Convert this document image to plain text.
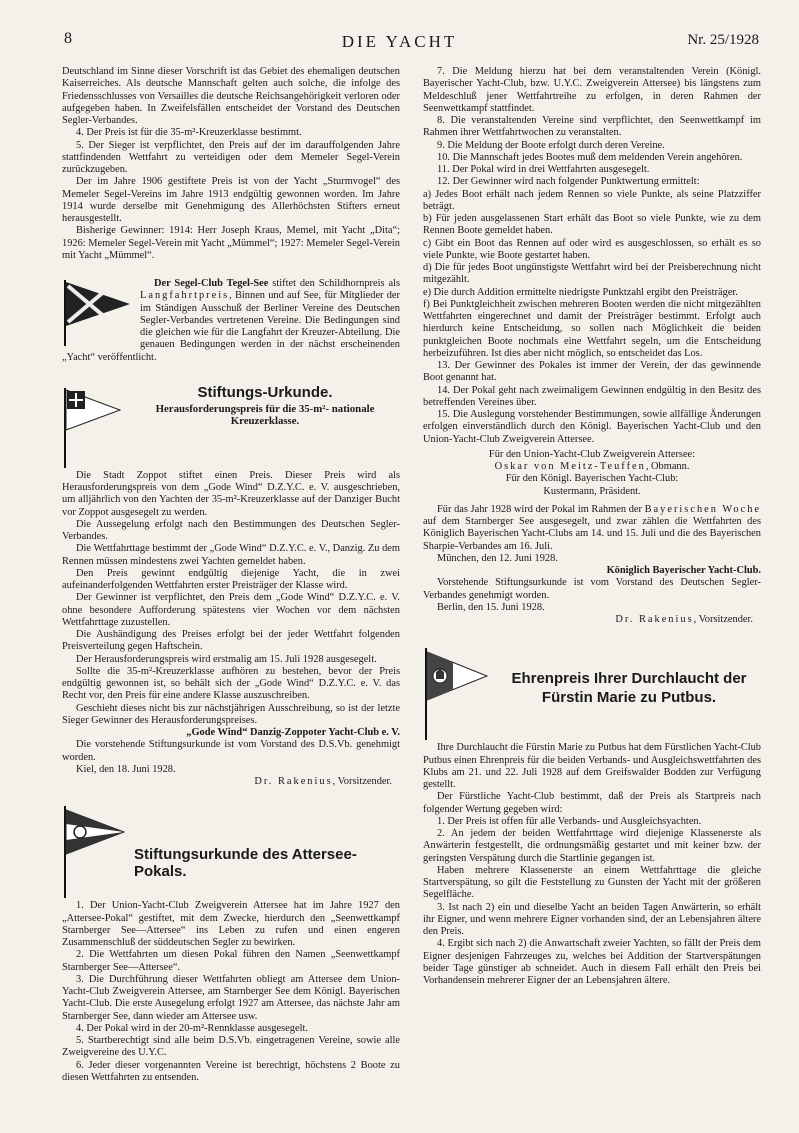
8	DIE YACHT	Nr. 25/1928

Deutschland im Sinne dieser Vorschrift ist das Gebiet des ehemaligen deutschen Kaiserreiches. Als deutsche Mannschaft gelten auch solche, die infolge des Friedensschlusses von Versailles die deutsche Reichsangehörigkeit verloren oder aufgegeben haben. In Zweifelsfällen entscheidet der Vorstand des Deutschen Segler-Verbandes.

4. Der Preis ist für die 35-m²-Kreuzerklasse bestimmt.

5. Der Sieger ist verpflichtet, den Preis auf der im darauffolgenden Jahre stattfindenden Wettfahrt zu verteidigen oder dem Memeler Segel-Verein zurückzugeben.

Der im Jahre 1906 gestiftete Preis ist von der Yacht „Sturmvogel“ des Memeler Segel-Vereins im Jahre 1913 endgültig gewonnen worden. Im Jahre 1914 wurde derselbe mit Genehmigung des Allerhöchsten Stifters erneut herausgestellt.

Bisherige Gewinner: 1914: Herr Joseph Kraus, Memel, mit Yacht „Dita“; 1926: Memeler Segel-Verein mit Yacht „Mümmel“; 1927: Memeler Segel-Verein mit Yacht „Mümmel“.

Der Segel-Club Tegel-See stiftet den Schildhornpreis als Langfahrtpreis, Binnen und auf See, für Mitglieder der im Ständigen Ausschuß der Berliner Vereine des Deutschen Segler-Verbandes vertretenen Vereine. Die Bedingungen sind die gleichen wie für die Langfahrt der Kreuzer-Abteilung. Die genauen Bedingungen werden in der nächst erscheinenden „Yacht“ veröffentlicht.

Stiftungs-Urkunde.
Herausforderungspreis für die 35-m²- nationale Kreuzerklasse.

Die Stadt Zoppot stiftet einen Preis. Dieser Preis wird als Herausforderungspreis von dem „Gode Wind“ D.Z.Y.C. e. V. ausgeschrieben, um alljährlich von den Yachten der 35-m²-Kreuzerklasse auf der Danziger Bucht vor Zoppot ausgesegelt zu werden.

Die Aussegelung erfolgt nach den Bestimmungen des Deutschen Segler-Verbandes.

Die Wettfahrttage bestimmt der „Gode Wind“ D.Z.Y.C. e. V., Danzig. Zu dem Rennen müssen mindestens zwei Yachten gemeldet haben.

Den Preis gewinnt endgültig diejenige Yacht, die in zwei aufeinanderfolgenden Wettfahrten erster Preisträger der Klasse wird.

Der Gewinner ist verpflichtet, den Preis dem „Gode Wind“ D.Z.Y.C. e. V. ohne besondere Aufforderung spätestens vier Wochen vor dem nächsten Wettfahrttage zuzustellen.

Die Aushändigung des Preises erfolgt bei der jeder Wettfahrt folgenden Preisverteilung gegen Haftschein.

Der Herausforderungspreis wird erstmalig am 15. Juli 1928 ausgesegelt.

Sollte die 35-m²-Kreuzerklasse aufhören zu bestehen, bevor der Preis endgültig gewonnen ist, so behält sich der „Gode Wind“ D.Z.Y.C. e. V. das Recht vor, den Preis für eine andere Klasse auszuschreiben.

Geschieht dieses nicht bis zur nächstjährigen Ausschreibung, so ist der letzte Sieger Gewinner des Herausforderungspreises.

„Gode Wind“ Danzig-Zoppoter Yacht-Club e. V.

Die vorstehende Stiftungsurkunde ist vom Vorstand des D.S.Vb. genehmigt worden.

Kiel, den 18. Juni 1928.

Dr. Rakenius, Vorsitzender.

Stiftungsurkunde des Attersee-Pokals.

1. Der Union-Yacht-Club Zweigverein Attersee hat im Jahre 1927 den „Attersee-Pokal“ gestiftet, mit dem Zwecke, hierdurch den „Seenwettkampf Starnberger See—Attersee“ ins Leben zu rufen und einen engeren Zusammenschluß der süddeutschen Segler zu bewirken.

2. Die Wettfahrten um diesen Pokal führen den Namen „Seenwettkampf Starnberger See—Attersee“.

3. Die Durchführung dieser Wettfahrten obliegt am Attersee dem Union-Yacht-Club Zweigverein Attersee, am Starnberger See dem Königl. Bayerischen Yacht-Club. Die erste Ausegelung erfolgt 1927 am Attersee, das nächste Jahr am Starnberger See, dann wieder am Attersee usw.

4. Der Pokal wird in der 20-m²-Rennklasse ausgesegelt.

5. Startberechtigt sind alle beim D.S.Vb. eingetragenen Vereine, sowie alle Zweigvereine des U.Y.C.

6. Jeder dieser vorgenannten Vereine ist berechtigt, höchstens 2 Boote zu diesen Wettfahrten zu entsenden.

7. Die Meldung hierzu hat bei dem veranstaltenden Verein (Königl. Bayerischer Yacht-Club, bzw. U.Y.C. Zweigverein Attersee) bis längstens zum Meldeschluß jener Wettfahrtreihe zu erfolgen, in deren Rahmen der Seenwettkampf stattfindet.

8. Die veranstaltenden Vereine sind verpflichtet, den Seenwettkampf im Rahmen ihrer Wettfahrtwochen zu veranstalten.

9. Die Meldung der Boote erfolgt durch deren Vereine.

10. Die Mannschaft jedes Bootes muß dem meldenden Verein angehören.

11. Der Pokal wird in drei Wettfahrten ausgesegelt.

12. Der Gewinner wird nach folgender Punktwertung ermittelt:

a) Jedes Boot erhält nach jedem Rennen so viele Punkte, als seine Platzziffer beträgt.

b) Für jeden ausgelassenen Start erhält das Boot so viele Punkte, wie zu dem Rennen Boote gemeldet haben.

c) Gibt ein Boot das Rennen auf oder wird es ausgeschlossen, so erhält es so viele Punkte, wie Boote gestartet haben.

d) Die für jedes Boot ungünstigste Wettfahrt wird bei der Preisberechnung nicht mitgezählt.

e) Die durch Addition ermittelte niedrigste Punktzahl ergibt den Preisträger.

f) Bei Punktgleichheit zwischen mehreren Booten werden die nicht mitgezählten Wettfahrten eingerechnet und damit der Preisträger bestimmt. Erfolgt auch hierdurch keine Entscheidung, so sollen nach Möglichkeit die beiden punktgleichen Boote nochmals eine Wettfahrt segeln, um die Entscheidung herbeizuführen. Ist dies aber nicht möglich, so entscheidet das Los.

13. Der Gewinner des Pokales ist immer der Verein, der das gewinnende Boot genannt hat.

14. Der Pokal geht nach zweimaligem Gewinnen endgültig in den Besitz des betreffenden Vereines über.

15. Die Auslegung vorstehender Bestimmungen, sowie allfällige Änderungen erfolgen einverständlich durch den Königl. Bayerischen Yacht-Club und den Union-Yacht-Club Zweigverein Attersee.

Für den Union-Yacht-Club Zweigverein Attersee:

Oskar von Meitz-Teuffen, Obmann.

Für den Königl. Bayerischen Yacht-Club:

Kustermann, Präsident.

Für das Jahr 1928 wird der Pokal im Rahmen der Bayerischen Woche auf dem Starnberger See ausgesegelt, und zwar zählen die Wettfahrten des Königlich Bayerischen Yacht-Clubs am 14. und 15. Juli und die des Bayerischen Sharpie-Verbandes am 16. Juli.

München, den 12. Juni 1928.

Königlich Bayerischer Yacht-Club.

Vorstehende Stiftungsurkunde ist vom Vorstand des Deutschen Segler-Verbandes genehmigt worden.

Berlin, den 15. Juni 1928.

Dr. Rakenius, Vorsitzender.

Ehrenpreis Ihrer Durchlaucht der
Fürstin Marie zu Putbus.

Ihre Durchlaucht die Fürstin Marie zu Putbus hat dem Fürstlichen Yacht-Club Putbus einen Ehrenpreis für die beiden Verbands- und Ausgleichswettfahrten des Klubs am 21. und 22. Juli 1928 auf dem Greifswalder Bodden zur Verfügung gestellt.

Der Fürstliche Yacht-Club bestimmt, daß der Preis als Startpreis nach folgender Wertung gegeben wird:

1. Der Preis ist offen für alle Verbands- und Ausgleichsyachten.

2. An jedem der beiden Wettfahrttage wird diejenige Klassenerste als Anwärterin festgestellt, die ordnungsmäßig gestartet und mit keiner bzw. der geringsten Verspätung durch die Startlinie gegangen ist.

Haben mehrere Klassenerste an einem Wettfahrttage die gleiche Startverspätung, so gilt die Feststellung zu Gunsten der Yacht mit der größeren Segelfläche.

3. Ist nach 2) ein und dieselbe Yacht an beiden Tagen Anwärterin, so erhält ihr Eigner, und wenn mehrere Eigner vorhanden sind, der an Lebensjahren ältere den Preis.

4. Ergibt sich nach 2) die Anwartschaft zweier Yachten, so fällt der Preis dem Eigner desjenigen Fahrzeuges zu, welches bei Addition der Startverspätungen beider Tage günstiger ab schneidet. Auch in diesem Fall erhält den Preis bei Vorhandensein mehrerer Eigner der an Lebensjahren ältere.
